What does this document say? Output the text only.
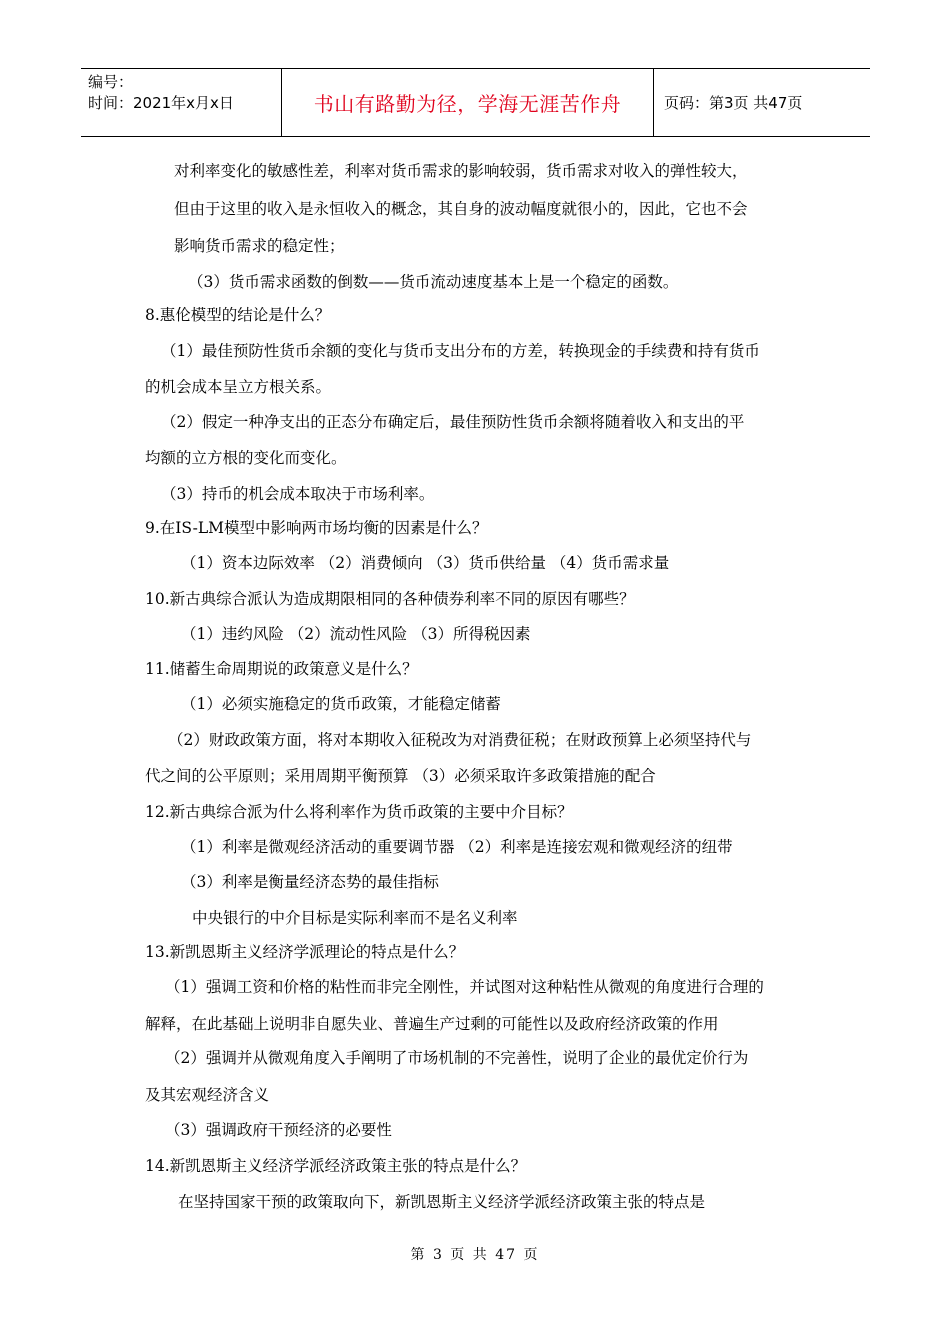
编号：
时间：2021年x月x日	书山有路勤为径，学海无涯苦作舟	页码：第3页 共47页
对利率变化的敏感性差，利率对货币需求的影响较弱，货币需求对收入的弹性较大，
但由于这里的收入是永恒收入的概念，其自身的波动幅度就很小的，因此，它也不会
影响货币需求的稳定性；
（3）货币需求函数的倒数——货币流动速度基本上是一个稳定的函数。
8.惠伦模型的结论是什么？
（1）最佳预防性货币余额的变化与货币支出分布的方差，转换现金的手续费和持有货币
的机会成本呈立方根关系。
（2）假定一种净支出的正态分布确定后，最佳预防性货币余额将随着收入和支出的平
均额的立方根的变化而变化。
（3）持币的机会成本取决于市场利率。
9.在IS-LM模型中影响两市场均衡的因素是什么？
（1）资本边际效率 （2）消费倾向 （3）货币供给量 （4）货币需求量
10.新古典综合派认为造成期限相同的各种债券利率不同的原因有哪些？
（1）违约风险 （2）流动性风险 （3）所得税因素
11.储蓄生命周期说的政策意义是什么？
（1）必须实施稳定的货币政策，才能稳定储蓄
（2）财政政策方面，将对本期收入征税改为对消费征税；在财政预算上必须坚持代与
代之间的公平原则；采用周期平衡预算 （3）必须采取许多政策措施的配合
12.新古典综合派为什么将利率作为货币政策的主要中介目标？
（1）利率是微观经济活动的重要调节器 （2）利率是连接宏观和微观经济的纽带
（3）利率是衡量经济态势的最佳指标
中央银行的中介目标是实际利率而不是名义利率
13.新凯恩斯主义经济学派理论的特点是什么？
（1）强调工资和价格的粘性而非完全刚性，并试图对这种粘性从微观的角度进行合理的
解释，在此基础上说明非自愿失业、普遍生产过剩的可能性以及政府经济政策的作用
（2）强调并从微观角度入手阐明了市场机制的不完善性，说明了企业的最优定价行为
及其宏观经济含义
（3）强调政府干预经济的必要性
14.新凯恩斯主义经济学派经济政策主张的特点是什么？
在坚持国家干预的政策取向下，新凯恩斯主义经济学派经济政策主张的特点是
第 3 页 共 47 页
